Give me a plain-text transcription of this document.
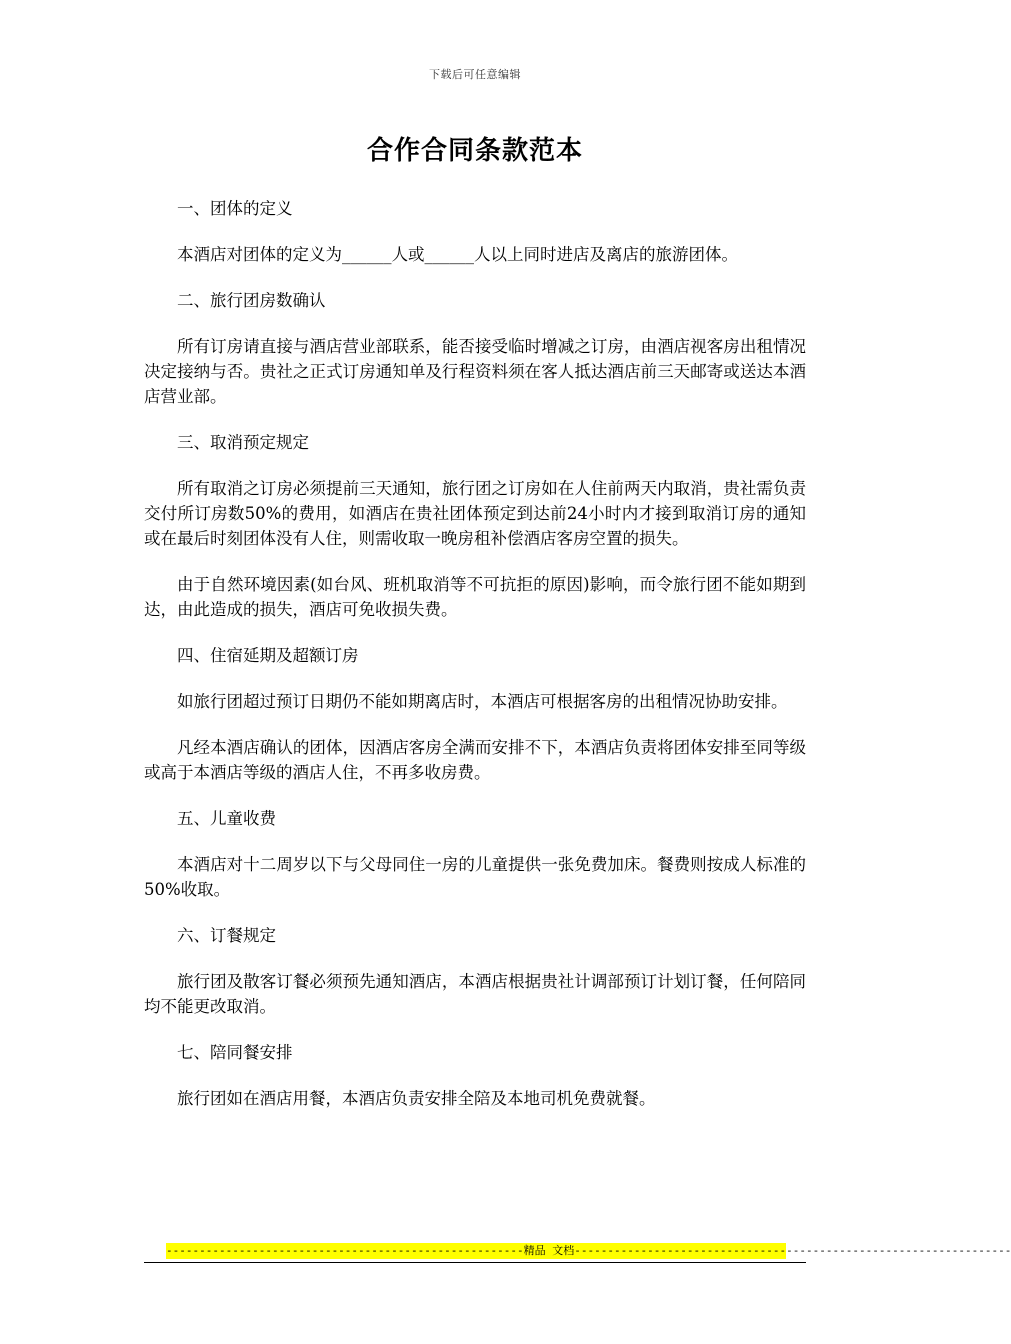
下载后可任意编辑
合作合同条款范本

一、团体的定义

本酒店对团体的定义为______人或______人以上同时进店及离店的旅游团体。

二、旅行团房数确认

所有订房请直接与酒店营业部联系，能否接受临时增减之订房，由酒店视客房出租情况决定接纳与否。贵社之正式订房通知单及行程资料须在客人抵达酒店前三天邮寄或送达本酒店营业部。

三、取消预定规定

所有取消之订房必须提前三天通知，旅行团之订房如在人住前两天内取消，贵社需负责交付所订房数50%的费用，如酒店在贵社团体预定到达前24小时内才接到取消订房的通知或在最后时刻团体没有人住，则需收取一晚房租补偿酒店客房空置的损失。

由于自然环境因素(如台风、班机取消等不可抗拒的原因)影响，而令旅行团不能如期到达，由此造成的损失，酒店可免收损失费。

四、住宿延期及超额订房

如旅行团超过预订日期仍不能如期离店时，本酒店可根据客房的出租情况协助安排。

凡经本酒店确认的团体，因酒店客房全满而安排不下，本酒店负责将团体安排至同等级或高于本酒店等级的酒店人住，不再多收房费。

五、儿童收费

本酒店对十二周岁以下与父母同住一房的儿童提供一张免费加床。餐费则按成人标准的50%收取。

六、订餐规定

旅行团及散客订餐必须预先通知酒店，本酒店根据贵社计调部预订计划订餐，任何陪同均不能更改取消。

七、陪同餐安排

旅行团如在酒店用餐，本酒店负责安排全陪及本地司机免费就餐。

------------------------------------------------------精品 文档------------------------------------------------------------------
